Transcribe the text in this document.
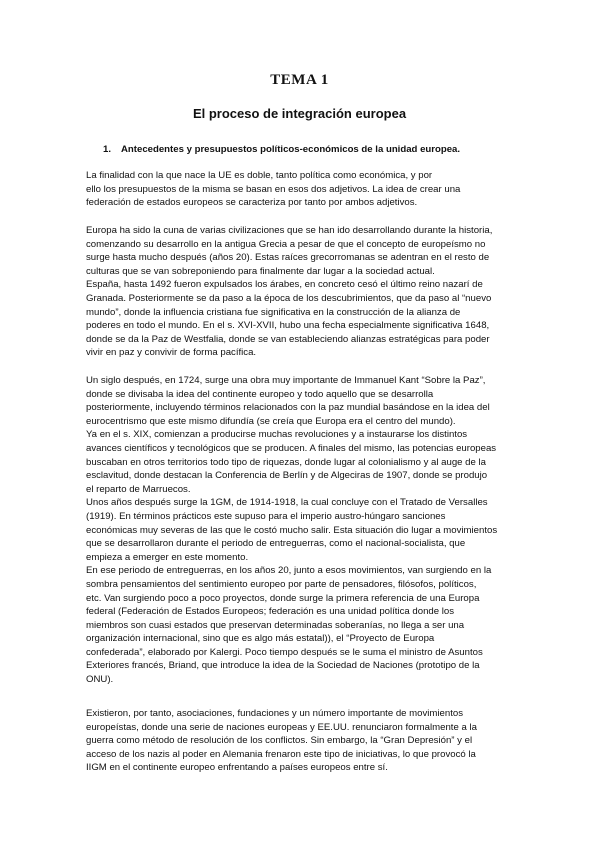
TEMA 1
El proceso de integración europea
1. Antecedentes y presupuestos políticos-económicos de la unidad europea.
La finalidad con la que nace la UE es doble, tanto política como económica, y por
ello los presupuestos de la misma se basan en esos dos adjetivos. La idea de crear una
federación de estados europeos se caracteriza por tanto por ambos adjetivos.
Europa ha sido la cuna de varias civilizaciones que se han ido desarrollando durante la historia,
comenzando su desarrollo en la antigua Grecia a pesar de que el concepto de europeísmo no
surge hasta mucho después (años 20). Estas raíces grecorromanas se adentran en el resto de
culturas que se van sobreponiendo para finalmente dar lugar a la sociedad actual.
España, hasta 1492 fueron expulsados los árabes, en concreto cesó el último reino nazarí de
Granada. Posteriormente se da paso a la época de los descubrimientos, que da paso al “nuevo
mundo”, donde la influencia cristiana fue significativa en la construcción de la alianza de
poderes en todo el mundo. En el s. XVI-XVII, hubo una fecha especialmente significativa 1648,
donde se da la Paz de Westfalia, donde se van estableciendo alianzas estratégicas para poder
vivir en paz y convivir de forma pacífica.
Un siglo después, en 1724, surge una obra muy importante de Immanuel Kant “Sobre la Paz”,
donde se divisaba la idea del continente europeo y todo aquello que se desarrolla
posteriormente, incluyendo términos relacionados con la paz mundial basándose en la idea del
eurocentrismo que este mismo difundía (se creía que Europa era el centro del mundo).
Ya en el s. XIX, comienzan a producirse muchas revoluciones y a instaurarse los distintos
avances científicos y tecnológicos que se producen. A finales del mismo, las potencias europeas
buscaban en otros territorios todo tipo de riquezas, donde lugar al colonialismo y al auge de la
esclavitud, donde destacan la Conferencia de Berlín y de Algeciras de 1907, donde se produjo
el reparto de Marruecos.
Unos años después surge la 1GM, de 1914-1918, la cual concluye con el Tratado de Versalles
(1919). En términos prácticos este supuso para el imperio austro-húngaro sanciones
económicas muy severas de las que le costó mucho salir. Esta situación dio lugar a movimientos
que se desarrollaron durante el periodo de entreguerras, como el nacional-socialista, que
empieza a emerger en este momento.
En ese periodo de entreguerras, en los años 20, junto a esos movimientos, van surgiendo en la
sombra pensamientos del sentimiento europeo por parte de pensadores, filósofos, políticos,
etc. Van surgiendo poco a poco proyectos, donde surge la primera referencia de una Europa
federal (Federación de Estados Europeos; federación es una unidad política donde los
miembros son cuasi estados que preservan determinadas soberanías, no llega a ser una
organización internacional, sino que es algo más estatal)), el “Proyecto de Europa
confederada”, elaborado por Kalergi. Poco tiempo después se le suma el ministro de Asuntos
Exteriores francés, Briand, que introduce la idea de la Sociedad de Naciones (prototipo de la
ONU).
Existieron, por tanto, asociaciones, fundaciones y un número importante de movimientos
europeístas, donde una serie de naciones europeas y EE.UU. renunciaron formalmente a la
guerra como método de resolución de los conflictos. Sin embargo, la “Gran Depresión” y el
acceso de los nazis al poder en Alemania frenaron este tipo de iniciativas, lo que provocó la
IIGM en el continente europeo enfrentando a países europeos entre sí.
